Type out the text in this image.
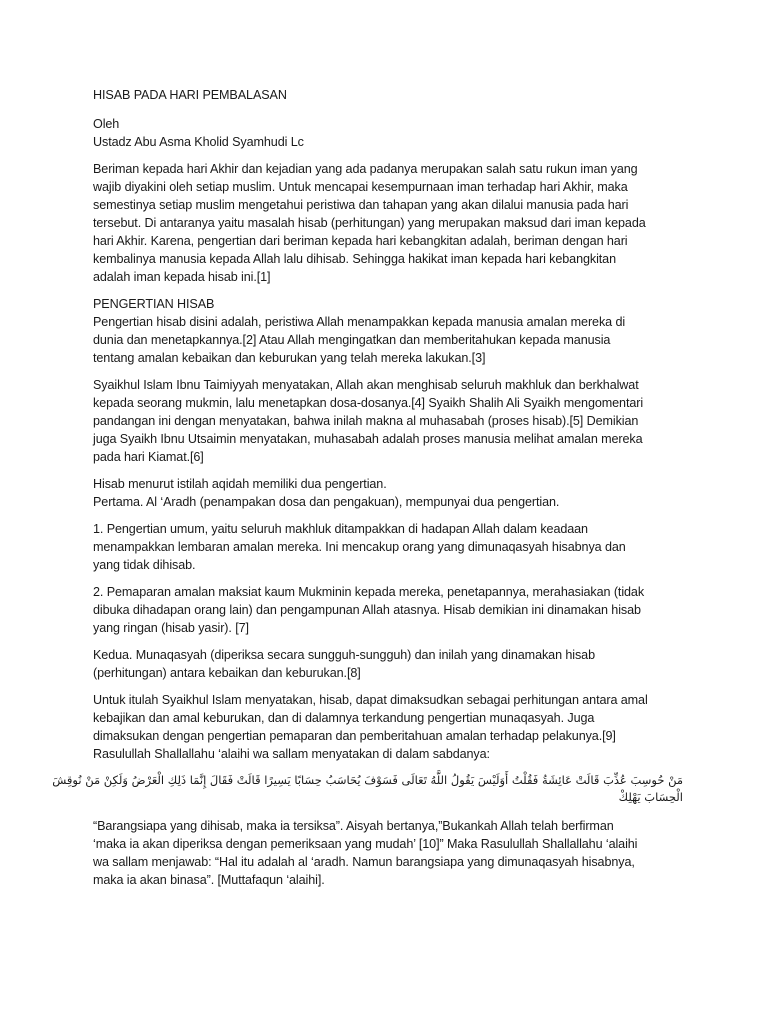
HISAB PADA HARI PEMBALASAN
Oleh
Ustadz Abu Asma Kholid Syamhudi Lc
Beriman kepada hari Akhir dan kejadian yang ada padanya merupakan salah satu rukun iman yang
wajib diyakini oleh setiap muslim. Untuk mencapai kesempurnaan iman terhadap hari Akhir, maka
semestinya setiap muslim mengetahui peristiwa dan tahapan yang akan dilalui manusia pada hari
tersebut. Di antaranya yaitu masalah hisab (perhitungan) yang merupakan maksud dari iman kepada
hari Akhir. Karena, pengertian dari beriman kepada hari kebangkitan adalah, beriman dengan hari
kembalinya manusia kepada Allah lalu dihisab. Sehingga hakikat iman kepada hari kebangkitan
adalah iman kepada hisab ini.[1]
PENGERTIAN HISAB
Pengertian hisab disini adalah, peristiwa Allah menampakkan kepada manusia amalan mereka di
dunia dan menetapkannya.[2] Atau Allah mengingatkan dan memberitahukan kepada manusia
tentang amalan kebaikan dan keburukan yang telah mereka lakukan.[3]
Syaikhul Islam Ibnu Taimiyyah menyatakan, Allah akan menghisab seluruh makhluk dan berkhalwat
kepada seorang mukmin, lalu menetapkan dosa-dosanya.[4] Syaikh Shalih Ali Syaikh mengomentari
pandangan ini dengan menyatakan, bahwa inilah makna al muhasabah (proses hisab).[5] Demikian
juga Syaikh Ibnu Utsaimin menyatakan, muhasabah adalah proses manusia melihat amalan mereka
pada hari Kiamat.[6]
Hisab menurut istilah aqidah memiliki dua pengertian.
Pertama. Al ‘Aradh (penampakan dosa dan pengakuan), mempunyai dua pengertian.
1. Pengertian umum, yaitu seluruh makhluk ditampakkan di hadapan Allah dalam keadaan
menampakkan lembaran amalan mereka. Ini mencakup orang yang dimunaqasyah hisabnya dan
yang tidak dihisab.
2. Pemaparan amalan maksiat kaum Mukminin kepada mereka, penetapannya, merahasiakan (tidak
dibuka dihadapan orang lain) dan pengampunan Allah atasnya. Hisab demikian ini dinamakan hisab
yang ringan (hisab yasir). [7]
Kedua. Munaqasyah (diperiksa secara sungguh-sungguh) dan inilah yang dinamakan hisab
(perhitungan) antara kebaikan dan keburukan.[8]
Untuk itulah Syaikhul Islam menyatakan, hisab, dapat dimaksudkan sebagai perhitungan antara amal
kebajikan dan amal keburukan, dan di dalamnya terkandung pengertian munaqasyah. Juga
dimaksukan dengan pengertian pemaparan dan pemberitahuan amalan terhadap pelakunya.[9]
Rasulullah Shallallahu ‘alaihi wa sallam menyatakan di dalam sabdanya:
مَنْ حُوسِبَ عُذِّبَ قَالَتْ عَائِشَةُ فَقُلْتُ أَوَلَيْسَ يَقُولُ اللَّهُ تَعَالَى فَسَوْفَ يُحَاسَبُ حِسَابًا يَسِيرًا قَالَتْ فَقَالَ إِنَّمَا ذَلِكِ الْعَرْضُ وَلَكِنْ مَنْ نُوقِشَ
الْحِسَابَ يَهْلِكْ
“Barangsiapa yang dihisab, maka ia tersiksa”. Aisyah bertanya,”Bukankah Allah telah berfirman
‘maka ia akan diperiksa dengan pemeriksaan yang mudah’ [10]” Maka Rasulullah Shallallahu ‘alaihi
wa sallam menjawab: “Hal itu adalah al ‘aradh. Namun barangsiapa yang dimunaqasyah hisabnya,
maka ia akan binasa”. [Muttafaqun ‘alaihi].
